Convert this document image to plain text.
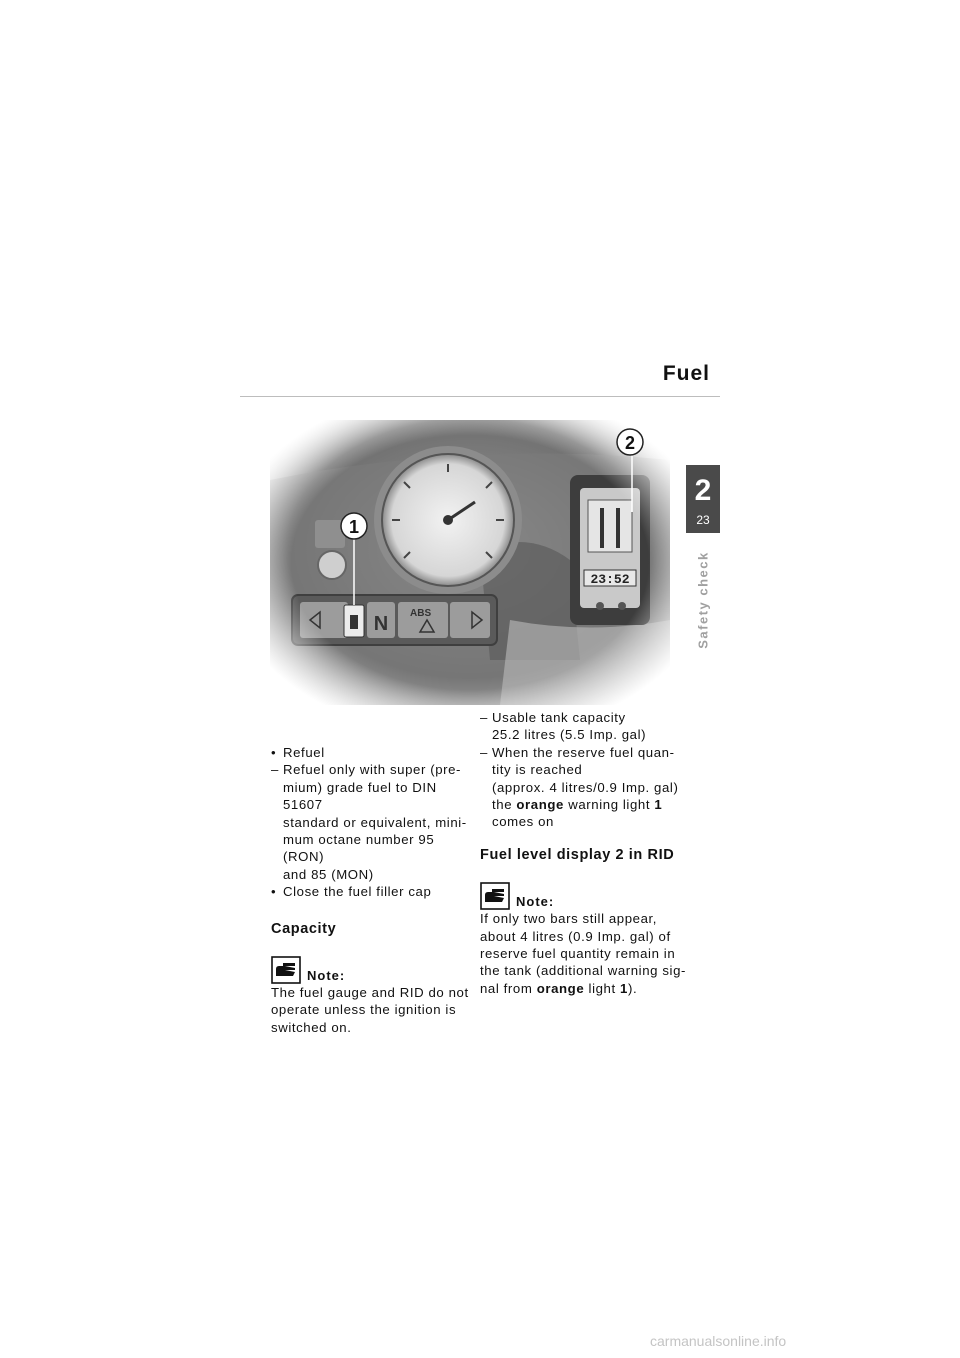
Fuel
2
23
Safety check
1
2
• Refuel
– Refuel only with super (pre-
mium) grade fuel to DIN 51607
standard or equivalent, mini-
mum octane number 95 (RON)
and 85 (MON)
• Close the fuel filler cap
Capacity
Note:
The fuel gauge and RID do not
operate unless the ignition is
switched on.
– Usable tank capacity
25.2 litres (5.5 Imp. gal)
– When the reserve fuel quan-
tity is reached
(approx. 4 litres/0.9 Imp. gal)
the orange warning light 1
comes on
Fuel level display 2 in RID
Note:
If only two bars still appear,
about 4 litres (0.9 Imp. gal) of
reserve fuel quantity remain in
the tank (additional warning sig-
nal from orange light 1).
carmanualsonline.info
